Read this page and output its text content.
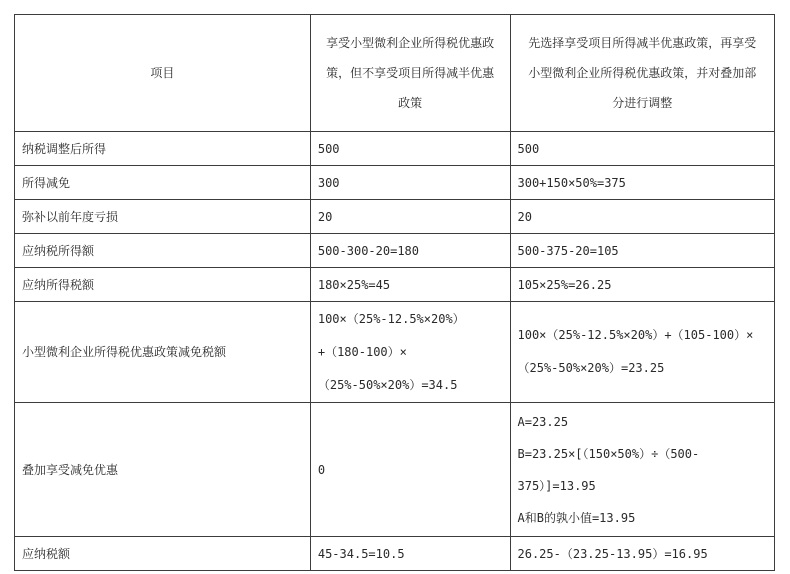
项目	享受小型微利企业所得税优惠政
策，但不享受项目所得减半优惠
政策	先选择享受项目所得减半优惠政策，再享受
小型微利企业所得税优惠政策，并对叠加部
分进行调整

纳税调整后所得	500	500
所得减免	300	300+150×50%=375
弥补以前年度亏损	20	20
应纳税所得额	500-300-20=180	500-375-20=105
应纳所得税额	180×25%=45	105×25%=26.25
小型微利企业所得税优惠政策减免税额	100×（25%-12.5%×20%）
+（180-100）×
（25%-50%×20%）=34.5	100×（25%-12.5%×20%）+（105-100）×
（25%-50%×20%）=23.25

叠加享受减免优惠	0	A=23.25
B=23.25×[（150×50%）÷（500-
375）]=13.95
A和B的孰小值=13.95

应纳税额	45-34.5=10.5	26.25-（23.25-13.95）=16.95
